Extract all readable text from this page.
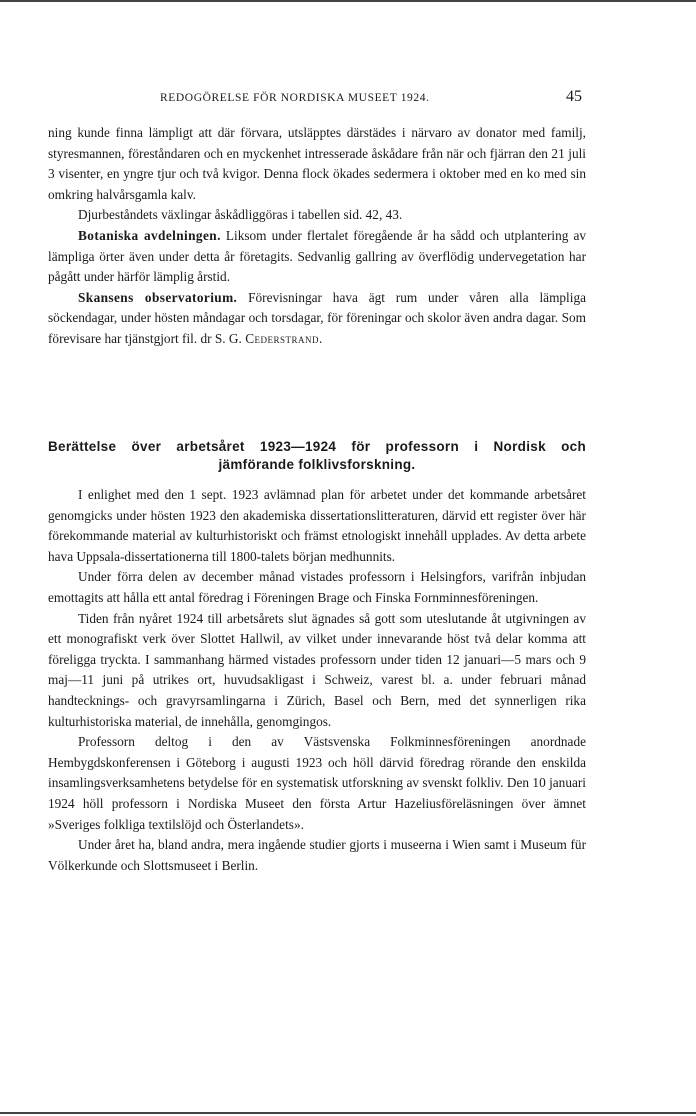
REDOGÖRELSE FÖR NORDISKA MUSEET 1924.	45

ning kunde finna lämpligt att där förvara, utsläpptes därstädes i närvaro av donator med familj, styresmannen, föreståndaren och en myckenhet intresserade åskådare från när och fjärran den 21 juli 3 visenter, en yngre tjur och två kvigor. Denna flock ökades sedermera i oktober med en ko med sin omkring halvårsgamla kalv.

Djurbeståndets växlingar åskådliggöras i tabellen sid. 42, 43.

Botaniska avdelningen. Liksom under flertalet föregående år ha sådd och utplantering av lämpliga örter även under detta år företagits. Sedvanlig gallring av överflödig undervegetation har pågått under härför lämplig årstid.

Skansens observatorium. Förevisningar hava ägt rum under våren alla lämpliga söckendagar, under hösten måndagar och torsdagar, för föreningar och skolor även andra dagar. Som förevisare har tjänstgjort fil. dr S. G. Cederstrand.

Berättelse över arbetsåret 1923—1924 för professorn i Nordisk och
jämförande folklivsforskning.

I enlighet med den 1 sept. 1923 avlämnad plan för arbetet under det kommande arbetsåret genomgicks under hösten 1923 den akademiska dissertationslitteraturen, därvid ett register över här förekommande material av kulturhistoriskt och främst etnologiskt innehåll upplades. Av detta arbete hava Uppsala-dissertationerna till 1800-talets början medhunnits.

Under förra delen av december månad vistades professorn i Helsingfors, varifrån inbjudan emottagits att hålla ett antal föredrag i Föreningen Brage och Finska Fornminnesföreningen.

Tiden från nyåret 1924 till arbetsårets slut ägnades så gott som uteslutande åt utgivningen av ett monografiskt verk över Slottet Hallwil, av vilket under innevarande höst två delar komma att föreligga tryckta. I sammanhang härmed vistades professorn under tiden 12 januari—5 mars och 9 maj—11 juni på utrikes ort, huvudsakligast i Schweiz, varest bl. a. under februari månad handtecknings- och gravyrsamlingarna i Zürich, Basel och Bern, med det synnerligen rika kulturhistoriska material, de innehålla, genomgingos.

Professorn deltog i den av Västsvenska Folkminnesföreningen anordnade Hembygdskonferensen i Göteborg i augusti 1923 och höll därvid föredrag rörande den enskilda insamlingsverksamhetens betydelse för en systematisk utforskning av svenskt folkliv. Den 10 januari 1924 höll professorn i Nordiska Museet den första Artur Hazeliusföreläsningen över ämnet »Sveriges folkliga textilslöjd och Österlandets».

Under året ha, bland andra, mera ingående studier gjorts i museerna i Wien samt i Museum für Völkerkunde och Slottsmuseet i Berlin.
